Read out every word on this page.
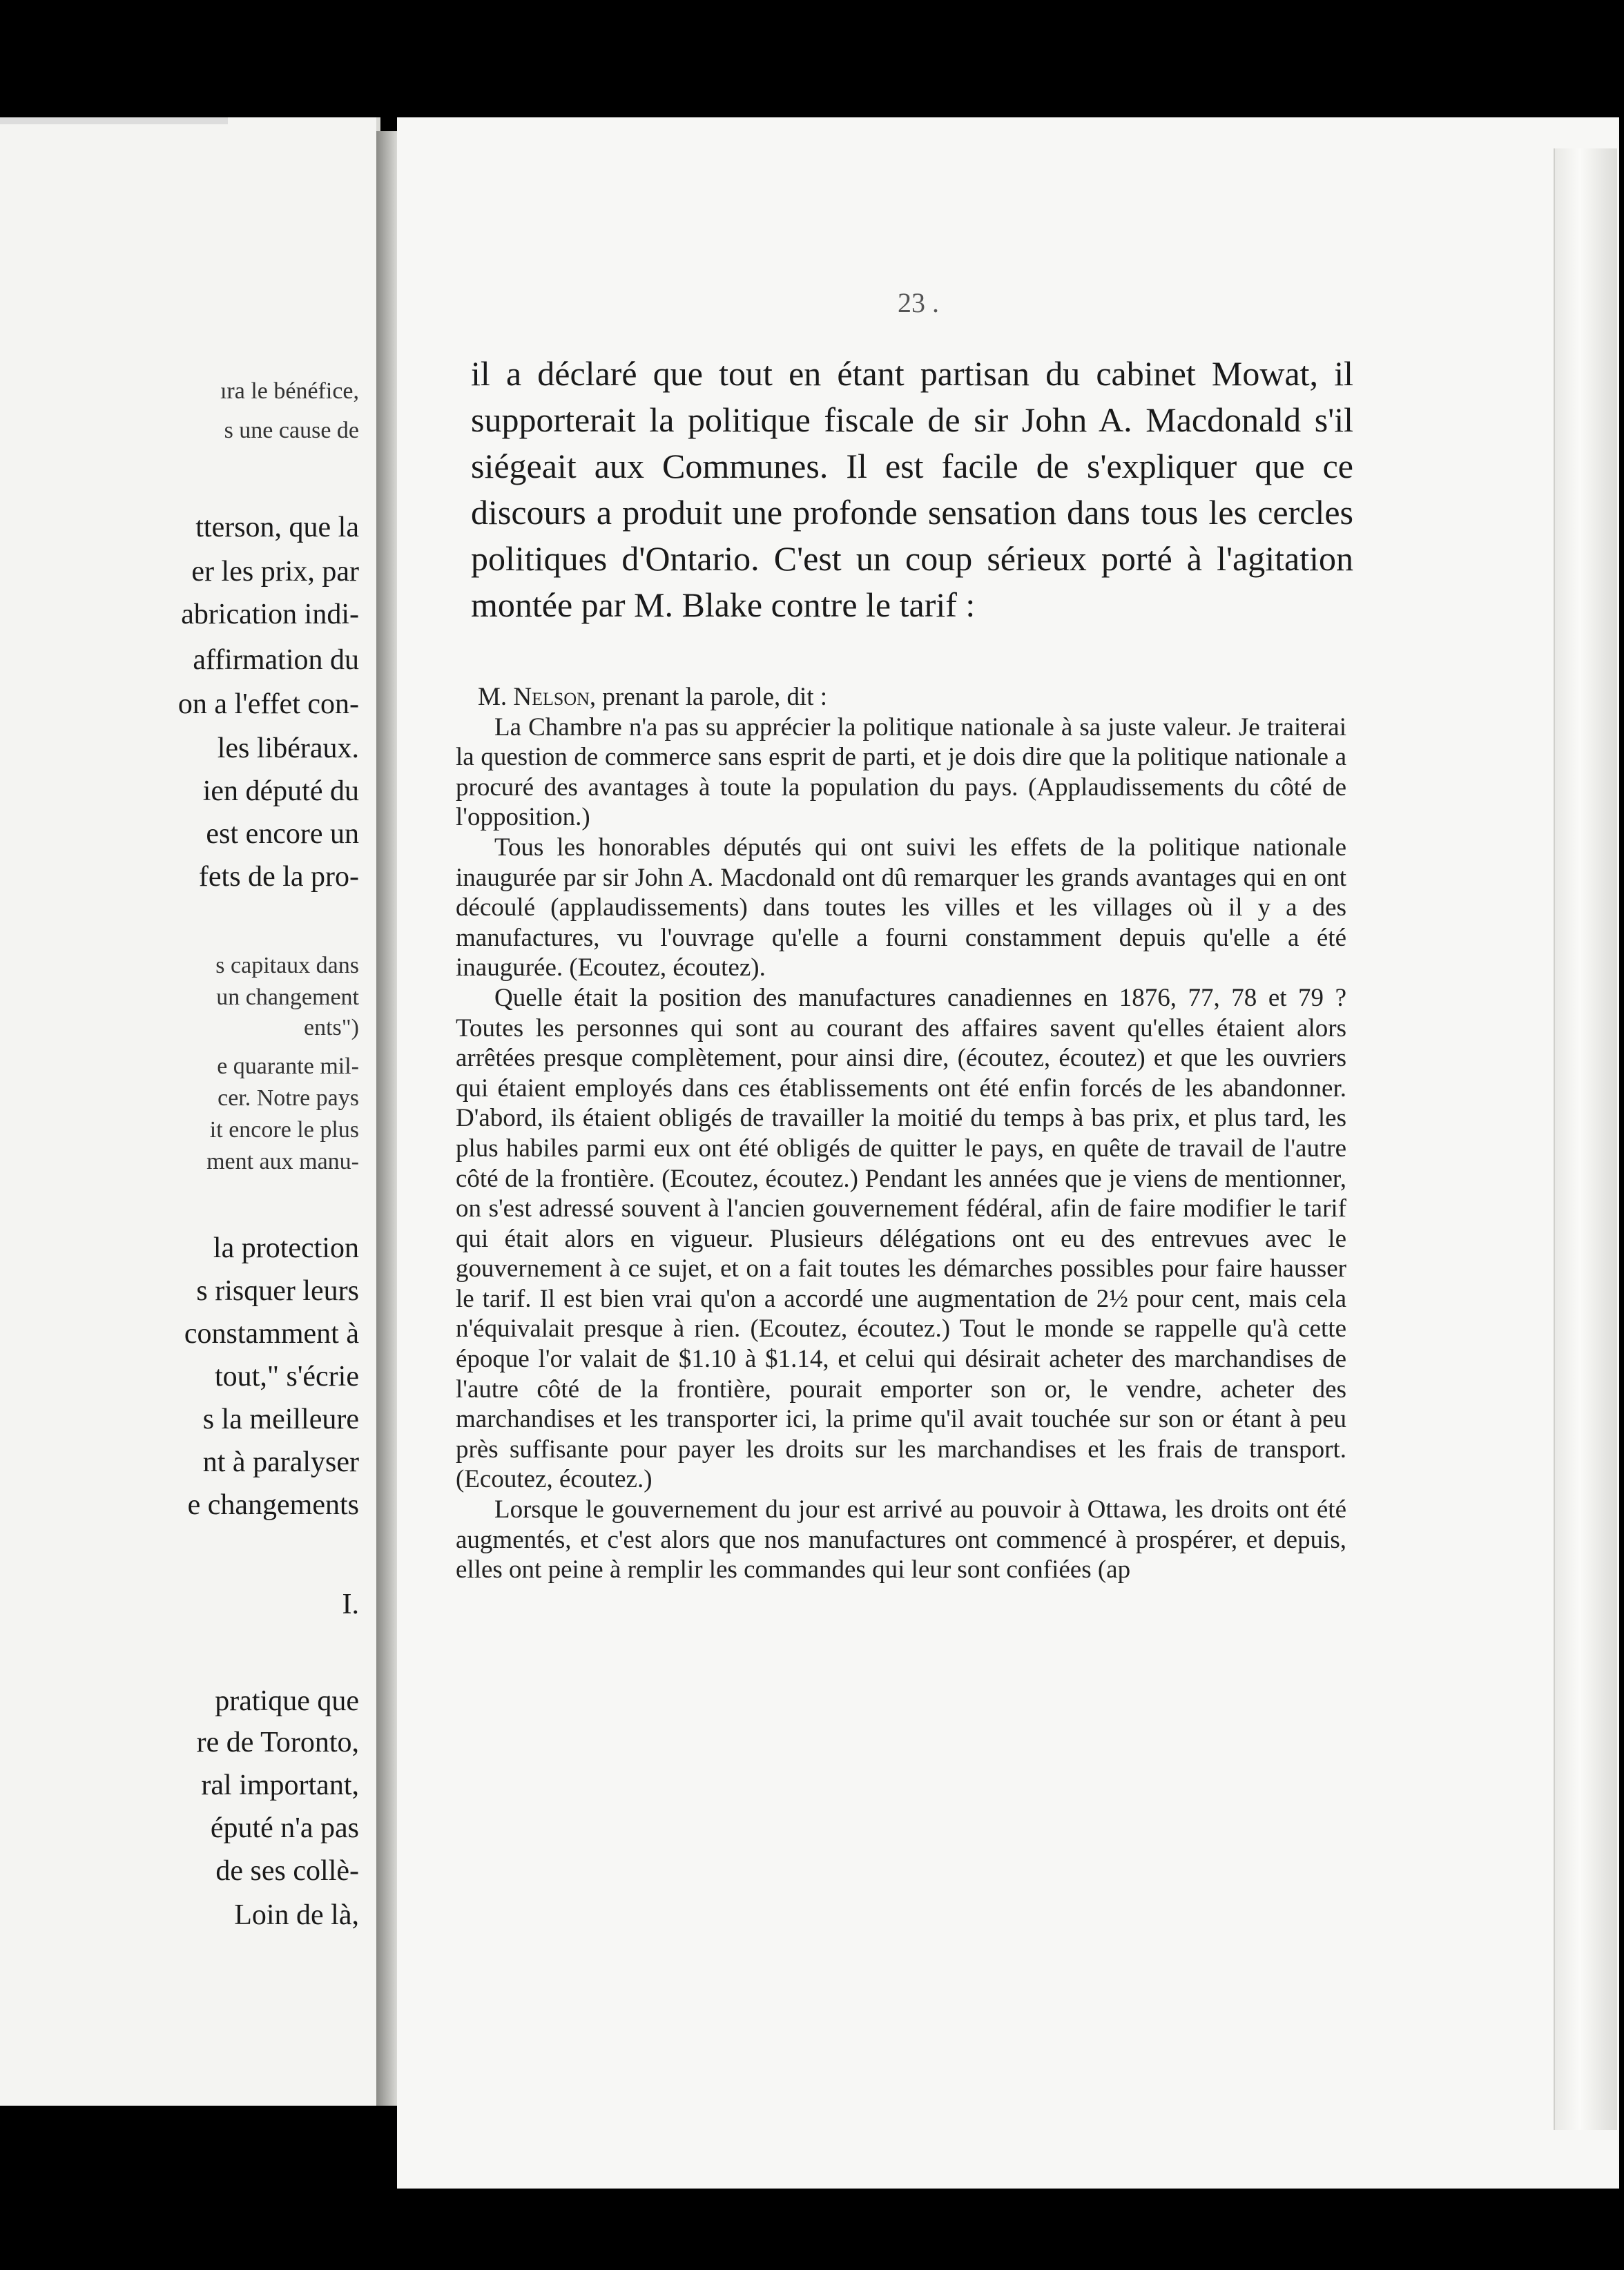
23 .

il a déclaré que tout en étant partisan du cabinet Mowat, il supporterait la politique fiscale de sir John A. Macdonald s'il siégeait aux Communes. Il est facile de s'expliquer que ce discours a produit une profonde sensation dans tous les cercles politiques d'Ontario. C'est un coup sérieux porté à l'agitation montée par M. Blake contre le tarif :

M. Nelson, prenant la parole, dit :

La Chambre n'a pas su apprécier la politique nationale à sa juste valeur. Je traiterai la question de commerce sans esprit de parti, et je dois dire que la politique nationale a procuré des avantages à toute la population du pays. (Applaudissements du côté de l'opposition.)

Tous les honorables députés qui ont suivi les effets de la politique nationale inaugurée par sir John A. Macdonald ont dû remarquer les grands avantages qui en ont découlé (applaudissements) dans toutes les villes et les villages où il y a des manufactures, vu l'ouvrage qu'elle a fourni constamment depuis qu'elle a été inaugurée. (Ecoutez, écoutez).

Quelle était la position des manufactures canadiennes en 1876, 77, 78 et 79 ? Toutes les personnes qui sont au courant des affaires savent qu'elles étaient alors arrêtées presque complètement, pour ainsi dire, (écoutez, écoutez) et que les ouvriers qui étaient employés dans ces établissements ont été enfin forcés de les abandonner. D'abord, ils étaient obligés de travailler la moitié du temps à bas prix, et plus tard, les plus habiles parmi eux ont été obligés de quitter le pays, en quête de travail de l'autre côté de la frontière. (Ecoutez, écoutez.) Pendant les années que je viens de mentionner, on s'est adressé souvent à l'ancien gouvernement fédéral, afin de faire modifier le tarif qui était alors en vigueur. Plusieurs délégations ont eu des entrevues avec le gouvernement à ce sujet, et on a fait toutes les démarches possibles pour faire hausser le tarif. Il est bien vrai qu'on a accordé une augmentation de 2½ pour cent, mais cela n'équivalait presque à rien. (Ecoutez, écoutez.) Tout le monde se rappelle qu'à cette époque l'or valait de $1.10 à $1.14, et celui qui désirait acheter des marchandises de l'autre côté de la frontière, pourait emporter son or, le vendre, acheter des marchandises et les transporter ici, la prime qu'il avait touchée sur son or étant à peu près suffisante pour payer les droits sur les marchandises et les frais de transport. (Ecoutez, écoutez.)

Lorsque le gouvernement du jour est arrivé au pouvoir à Ottawa, les droits ont été augmentés, et c'est alors que nos manufactures ont commencé à prospérer, et depuis, elles ont peine à remplir les commandes qui leur sont confiées (ap

ıra le bénéfice,
s une cause de
tterson, que la
er les prix, par
abrication indi-
affirmation du
on a l'effet con-
les libéraux.
ien député du
est encore un
fets de la pro-
s capitaux dans
un changement
ents")
e quarante mil-
cer. Notre pays
it encore le plus
ment aux manu-
la protection
s risquer leurs
constamment à
tout," s'écrie
s la meilleure
nt à paralyser
e changements
I.
pratique que
re de Toronto,
ral important,
éputé n'a pas
de ses collè-
Loin de là,
